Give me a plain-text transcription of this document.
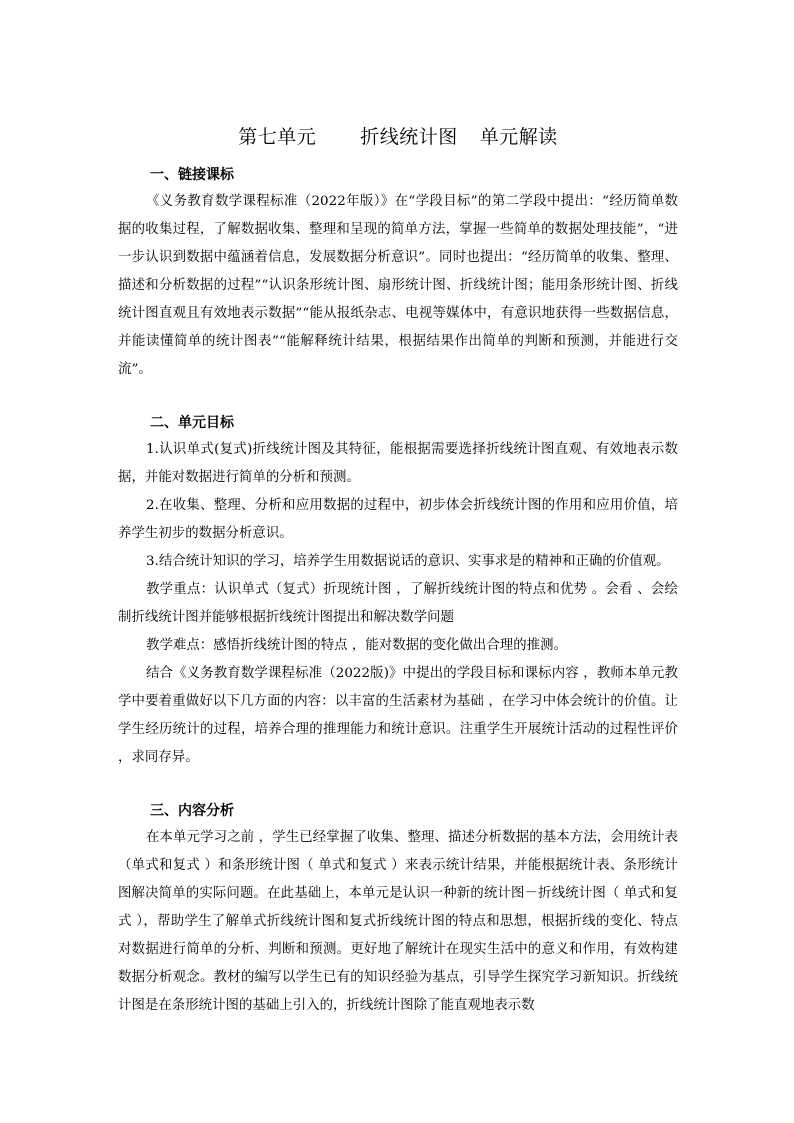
第七单元 折线统计图 单元解读
一、链接课标

《义务教育数学课程标准（2022年版）》在“学段目标”的第二学段中提出：“经历简单数据的收集过程，了解数据收集、整理和呈现的简单方法，掌握一些简单的数据处理技能”，“进一步认识到数据中蕴涵着信息，发展数据分析意识”。同时也提出：“经历简单的收集、整理、描述和分析数据的过程”“认识条形统计图、扇形统计图、折线统计图；能用条形统计图、折线统计图直观且有效地表示数据”“能从报纸杂志、电视等媒体中，有意识地获得一些数据信息，并能读懂简单的统计图表”“能解释统计结果，根据结果作出简单的判断和预测，并能进行交流”。

二、单元目标

1.认识单式(复式)折线统计图及其特征，能根据需要选择折线统计图直观、有效地表示数据，并能对数据进行简单的分析和预测。

2.在收集、整理、分析和应用数据的过程中，初步体会折线统计图的作用和应用价值，培养学生初步的数据分析意识。

3.结合统计知识的学习，培养学生用数据说话的意识、实事求是的精神和正确的价值观。

教学重点：认识单式（复式）折现统计图 ，了解折线统计图的特点和优势 。会看 、会绘制折线统计图并能够根据折线统计图提出和解决数学问题

教学难点：感悟折线统计图的特点 ，能对数据的变化做出合理的推测。

结合《义务教育数学课程标准（2022版)》中提出的学段目标和课标内容 ，教师本单元教学中要着重做好以下几方面的内容：以丰富的生活素材为基础 ，在学习中体会统计的价值。让学生经历统计的过程，培养合理的推理能力和统计意识。注重学生开展统计活动的过程性评价 ，求同存异。

三、内容分析

在本单元学习之前 ，学生已经掌握了收集、整理、描述分析数据的基本方法，会用统计表（单式和复式 ）和条形统计图（ 单式和复式 ）来表示统计结果，并能根据统计表、条形统计图解决简单的实际问题。在此基础上，本单元是认识一种新的统计图－折线统计图（ 单式和复式 ），帮助学生了解单式折线统计图和复式折线统计图的特点和思想，根据折线的变化、特点对数据进行简单的分析、判断和预测。更好地了解统计在现实生活中的意义和作用，有效构建数据分析观念。教材的编写以学生已有的知识经验为基点，引导学生探究学习新知识。折线统计图是在条形统计图的基础上引入的，折线统计图除了能直观地表示数
